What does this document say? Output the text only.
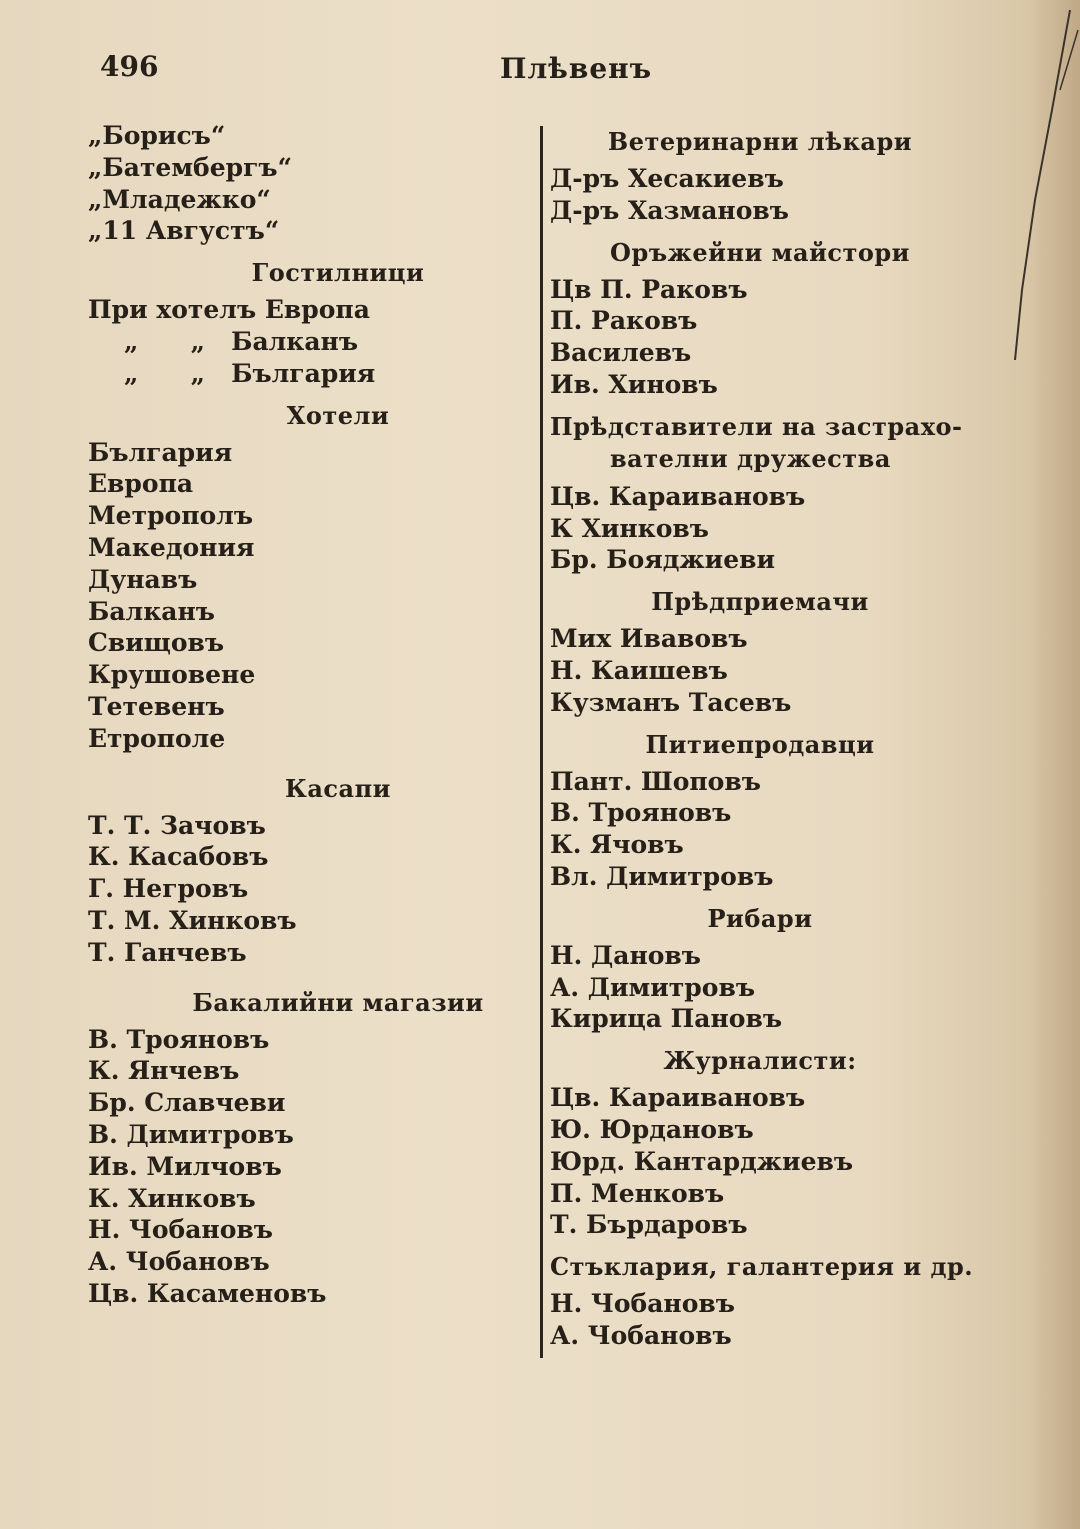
496	Плѣвенъ
„Борисъ“
„Батембергъ“
„Младежко“
„11 Августъ“
Гостилници
При хотелъ Европа
„      „   Балканъ
„      „   България
Хотели
България
Европа
Метрополъ
Македония
Дунавъ
Балканъ
Свищовъ
Крушовене
Тетевенъ
Етрополе
Касапи
Т. Т. Зачовъ
К. Касабовъ
Г. Негровъ
Т. М. Хинковъ
Т. Ганчевъ
Бакалийни магазии
В. Трояновъ
К. Янчевъ
Бр. Славчеви
В. Димитровъ
Ив. Милчовъ
К. Хинковъ
Н. Чобановъ
А. Чобановъ
Цв. Касаменовъ
Ветеринарни лѣкари
Д-ръ Хесакиевъ
Д-ръ Хазмановъ
Оръжейни майстори
Цв П. Раковъ
П. Раковъ
Василевъ
Ив. Хиновъ
Прѣдставители на застрахо-
вателни дружества
Цв. Караивановъ
К Хинковъ
Бр. Бояджиеви
Прѣдприемачи
Мих Ивавовъ
Н. Каишевъ
Кузманъ Тасевъ
Питиепродавци
Пант. Шоповъ
В. Трояновъ
К. Ячовъ
Вл. Димитровъ
Рибари
Н. Дановъ
А. Димитровъ
Кирица Пановъ
Журналисти:
Цв. Караивановъ
Ю. Юрдановъ
Юрд. Кантарджиевъ
П. Менковъ
Т. Бърдаровъ
Стъклария, галантерия и др.
Н. Чобановъ
А. Чобановъ
